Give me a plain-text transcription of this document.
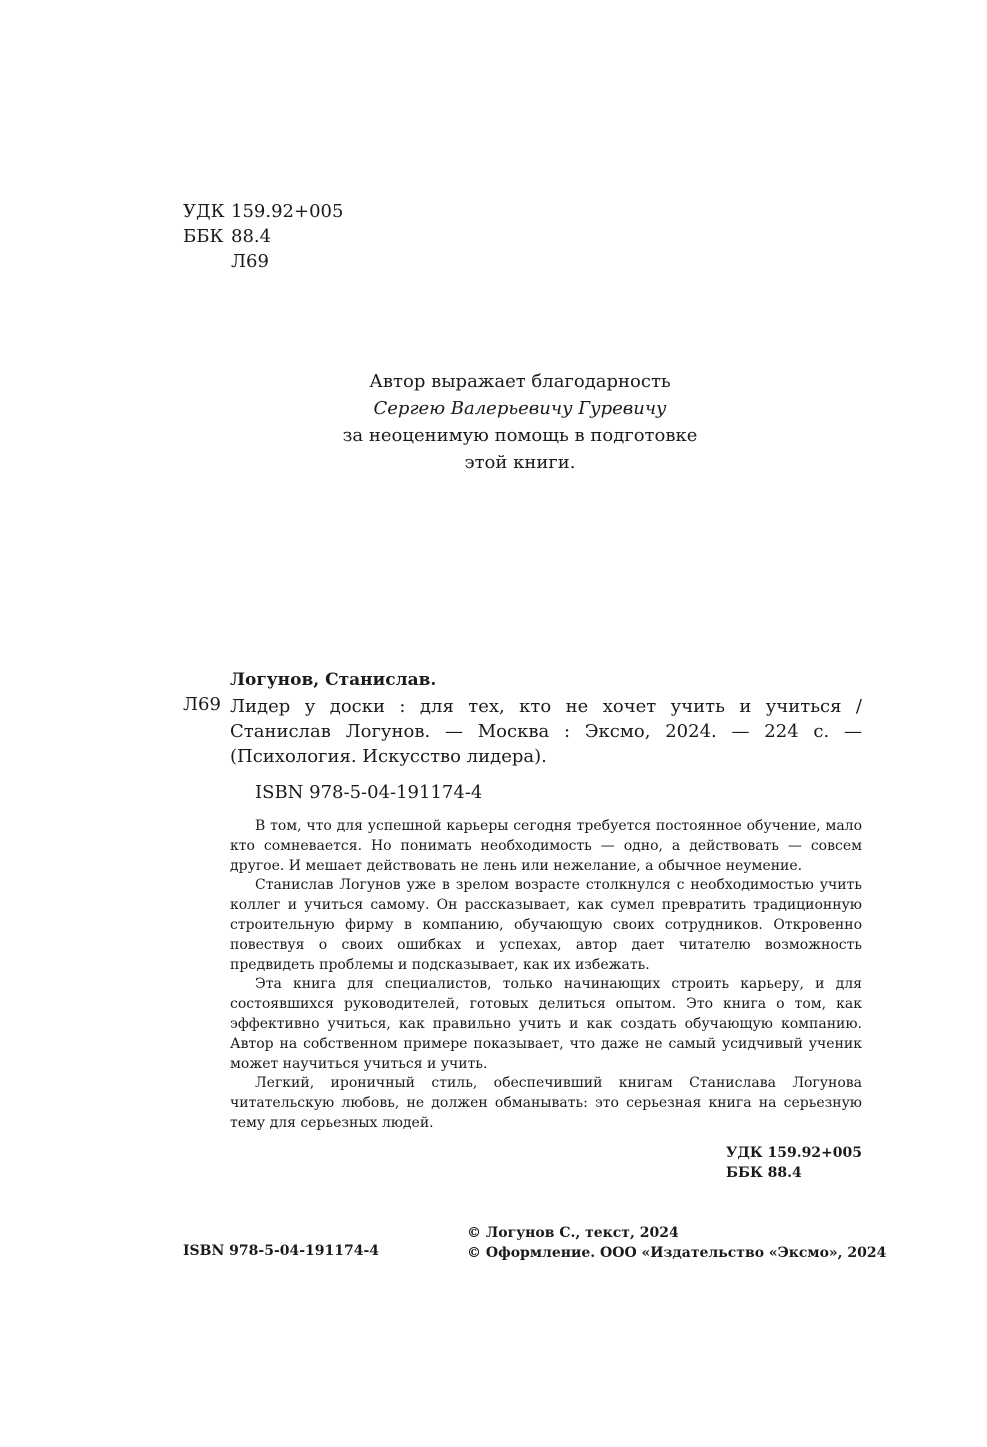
УДК 159.92+005
ББК 88.4
Л69
Автор выражает благодарность
Сергею Валерьевичу Гуревичу
за неоценимую помощь в подготовке
этой книги.
Логунов, Станислав.
Л69 Лидер у доски : для тех, кто не хочет учить и учиться / Станислав Логунов. — Москва : Эксмо, 2024. — 224 с. — (Психология. Искусство лидера).
ISBN 978-5-04-191174-4

В том, что для успешной карьеры сегодня требуется постоянное обучение, мало кто сомневается. Но понимать необходимость — одно, а действовать — совсем другое. И мешает действовать не лень или нежелание, а обычное неумение.

Станислав Логунов уже в зрелом возрасте столкнулся с необходимостью учить коллег и учиться самому. Он рассказывает, как сумел превратить традиционную строительную фирму в компанию, обучающую своих сотрудников. Откровенно повествуя о своих ошибках и успехах, автор дает читателю возможность предвидеть проблемы и подсказывает, как их избежать.

Эта книга для специалистов, только начинающих строить карьеру, и для состоявшихся руководителей, готовых делиться опытом. Это книга о том, как эффективно учиться, как правильно учить и как создать обучающую компанию. Автор на собственном примере показывает, что даже не самый усидчивый ученик может научиться учиться и учить.

Легкий, ироничный стиль, обеспечивший книгам Станислава Логунова читательскую любовь, не должен обманывать: это серьезная книга на серьезную тему для серьезных людей.

УДК 159.92+005
ББК 88.4
ISBN 978-5-04-191174-4
© Логунов С., текст, 2024
© Оформление. ООО «Издательство «Эксмо», 2024
